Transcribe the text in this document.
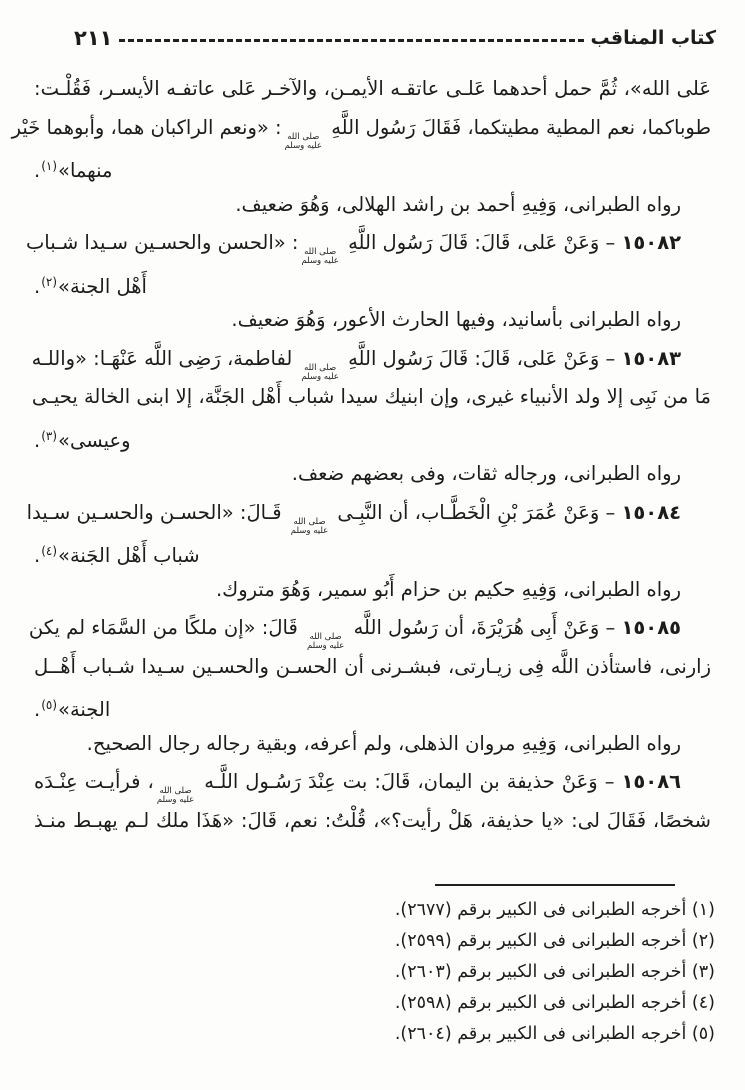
كتاب المناقب
٢١١
عَلى الله»، ثُمَّ حمل أحدهما عَلـى عاتقـه الأيمـن، والآخـر عَلى عاتفـه الأيسـر، فَقُلْـت:
طوباكما، نعم المطية مطيتكما، فَقَالَ رَسُول اللَّهِ
صلى الله
عليه وسلم
: «ونعم الراكبان هما، وأبوهما خَيْر
منهما»$^{(١)}$.
رواه الطبرانى، وَفِيهِ أحمد بن راشد الهلالى، وَهُوَ ضعيف.
١٥٠٨٢ – وَعَنْ عَلى، قَالَ: قَالَ رَسُول اللَّهِ
صلى الله
عليه وسلم
: «الحسن والحسـين سـيدا شـباب
أَهْل الجنة»$^{(٢)}$.
رواه الطبرانى بأسانيد، وفيها الحارث الأعور، وَهُوَ ضعيف.
١٥٠٨٣ – وَعَنْ عَلى، قَالَ: قَالَ رَسُول اللَّهِ
صلى الله
عليه وسلم
لفاطمة، رَضِى اللَّه عَنْهَـا: «واللـه
مَا من نَبِى إلا ولد الأنبياء غيرى، وإن ابنيك سيدا شباب أَهْل الجَنَّة، إلا ابنى الخالة يحيـى
وعيسى»$^{(٣)}$.
رواه الطبرانى، ورجاله ثقات، وفى بعضهم ضعف.
١٥٠٨٤ – وَعَنْ عُمَرَ بْنِ الْخَطَّـاب، أن النَّبِـى
صلى الله
عليه وسلم
قَـالَ: «الحسـن والحسـين سـيدا
شباب أَهْل الجَنة»$^{(٤)}$.
رواه الطبرانى، وَفِيهِ حكيم بن حزام أَبُو سمير، وَهُوَ متروك.
١٥٠٨٥ – وَعَنْ أَبِى هُرَيْرَةَ، أن رَسُول اللَّه
صلى الله
عليه وسلم
قَالَ: «إن ملكًا من السَّمَاء لم يكن
زارنى، فاستأذن اللَّه فِى زيـارتى، فبشـرنى أن الحسـن والحسـين سـيدا شـباب أَهْــل
الجنة»$^{(٥)}$.
رواه الطبرانى، وَفِيهِ مروان الذهلى، ولم أعرفه، وبقية رجاله رجال الصحيح.
١٥٠٨٦ – وَعَنْ حذيفة بن اليمان، قَالَ: بت عِنْدَ رَسُـول اللَّـه
صلى الله
عليه وسلم
، فرأيـت عِنْـدَه
شخصًا، فَقَالَ لى: «يا حذيفة، هَلْ رأيت؟»، قُلْتُ: نعم، قَالَ: «هَذَا ملك لـم يهبـط منـذ
(١) أخرجه الطبرانى فى الكبير برقم (٢٦٧٧).
(٢) أخرجه الطبرانى فى الكبير برقم (٢٥٩٩).
(٣) أخرجه الطبرانى فى الكبير برقم (٢٦٠٣).
(٤) أخرجه الطبرانى فى الكبير برقم (٢٥٩٨).
(٥) أخرجه الطبرانى فى الكبير برقم (٢٦٠٤).
